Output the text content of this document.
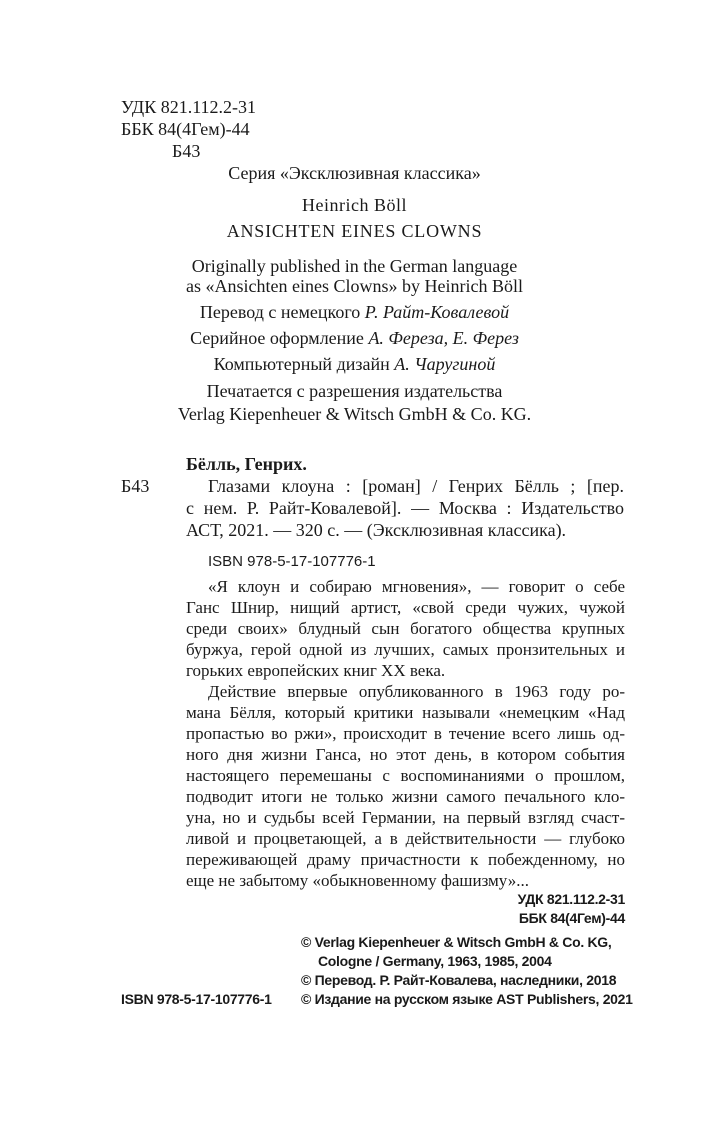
УДК 821.112.2-31
ББК 84(4Гем)-44
Б43
Серия «Эксклюзивная классика»
Heinrich Böll
ANSICHTEN EINES CLOWNS
Originally published in the German language
as «Ansichten eines Clowns» by Heinrich Böll
Перевод с немецкого Р. Райт-Ковалевой
Серийное оформление А. Фереза, Е. Ферез
Компьютерный дизайн А. Чаругиной
Печатается с разрешения издательства
Verlag Kiepenheuer & Witsch GmbH & Co. KG.
Бёлль, Генрих.
Б43	Глазами клоуна : [роман] / Генрих Бёлль ; [пер.
с нем. Р. Райт-Ковалевой]. — Москва : Издательство
АСТ, 2021. — 320 с. — (Эксклюзивная классика).
ISBN 978-5-17-107776-1
«Я клоун и собираю мгновения», — говорит о себе
Ганс Шнир, нищий артист, «свой среди чужих, чужой
среди своих» блудный сын богатого общества крупных
буржуа, герой одной из лучших, самых пронзительных и
горьких европейских книг XX века.
Действие впервые опубликованного в 1963 году ро-
мана Бёлля, который критики называли «немецким «Над
пропастью во ржи», происходит в течение всего лишь од-
ного дня жизни Ганса, но этот день, в котором события
настоящего перемешаны с воспоминаниями о прошлом,
подводит итоги не только жизни самого печального кло-
уна, но и судьбы всей Германии, на первый взгляд счаст-
ливой и процветающей, а в действительности — глубоко
переживающей драму причастности к побежденному, но
еще не забытому «обыкновенному фашизму»...
УДК 821.112.2-31
ББК 84(4Гем)-44
© Verlag Kiepenheuer & Witsch GmbH & Co. KG,
Cologne / Germany, 1963, 1985, 2004
© Перевод. Р. Райт-Ковалева, наследники, 2018
ISBN 978-5-17-107776-1 © Издание на русском языке AST Publishers, 2021
